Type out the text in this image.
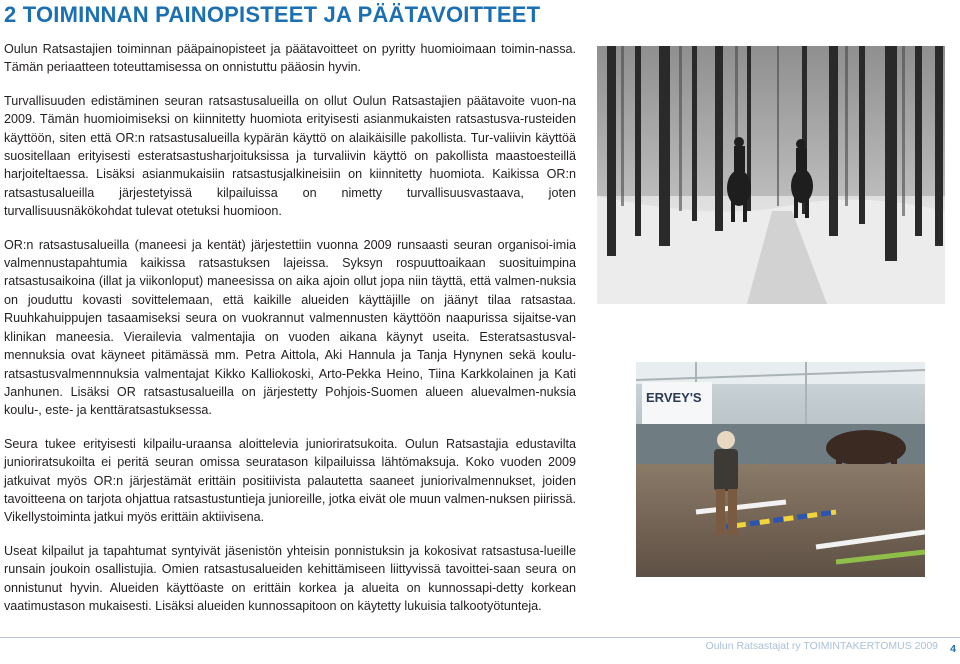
2 TOIMINNAN PAINOPISTEET JA PÄÄTAVOITTEET

Oulun Ratsastajien toiminnan pääpainopisteet ja päätavoitteet on pyritty huomioimaan toimin-nassa. Tämän periaatteen toteuttamisessa on onnistuttu pääosin hyvin.

Turvallisuuden edistäminen seuran ratsastusalueilla on ollut Oulun Ratsastajien päätavoite vuon-na 2009. Tämän huomioimiseksi on kiinnitetty huomiota erityisesti asianmukaisten ratsastusva-rusteiden käyttöön, siten että OR:n ratsastusalueilla kypärän käyttö on alaikäisille pakollista. Tur-valiivin käyttöä suositellaan erityisesti esteratsastusharjoituksissa ja turvaliivin käyttö on pakollista maastoesteillä harjoiteltaessa. Lisäksi asianmukaisiin ratsastusjalkineisiin on kiinnitetty huomiota. Kaikissa OR:n ratsastusalueilla järjestetyissä kilpailuissa on nimetty turvallisuusvastaava, joten turvallisuusnäkökohdat tulevat otetuksi huomioon.

OR:n ratsastusalueilla (maneesi ja kentät) järjestettiin vuonna 2009 runsaasti seuran organisoi-imia valmennustapahtumia kaikissa ratsastuksen lajeissa. Syksyn rospuuttoaikaan suosituimpina ratsastusaikoina (illat ja viikonloput) maneesissa on aika ajoin ollut jopa niin täyttä, että valmen-nuksia on jouduttu kovasti sovittelemaan, että kaikille alueiden käyttäjille on jäänyt tilaa ratsastaa. Ruuhkahuippujen tasaamiseksi seura on vuokrannut valmennusten käyttöön naapurissa sijaitse-van klinikan maneesia. Vierailevia valmentajia on vuoden aikana käynyt useita. Esteratsastusval-mennuksia ovat käyneet pitämässä mm. Petra Aittola, Aki Hannula ja Tanja Hynynen sekä koulu-ratsastusvalmennnuksia valmentajat Kikko Kalliokoski, Arto-Pekka Heino, Tiina Karkkolainen ja Kati Janhunen. Lisäksi OR ratsastusalueilla on järjestetty Pohjois-Suomen alueen aluevalmen-nuksia koulu-, este- ja kenttäratsastuksessa.

Seura tukee erityisesti kilpailu-uraansa aloittelevia junioriratsukoita. Oulun Ratsastajia edustavilta junioriratsukoilta ei peritä seuran omissa seuratason kilpailuissa lähtömaksuja. Koko vuoden 2009 jatkuivat myös OR:n järjestämät erittäin positiivista palautetta saaneet juniorivalmennukset, joiden tavoitteena on tarjota ohjattua ratsastustuntieja junioreille, jotka eivät ole muun valmen-nuksen piirissä. Vikellystoiminta jatkui myös erittäin aktiivisena.

Useat kilpailut ja tapahtumat syntyivät jäsenistön yhteisin ponnistuksin ja kokosivat ratsastusa-lueille runsain joukoin osallistujia. Omien ratsastusalueiden kehittämiseen liittyvissä tavoittei-saan seura on onnistunut hyvin. Alueiden käyttöaste on erittäin korkea ja alueita on kunnossapi-detty korkean vaatimustason mukaisesti. Lisäksi alueiden kunnossapitoon on käytetty lukuisia talkootyötunteja.

ERVEY'S
Oulun Ratsastajat ry TOIMINTAKERTOMUS 2009 4
